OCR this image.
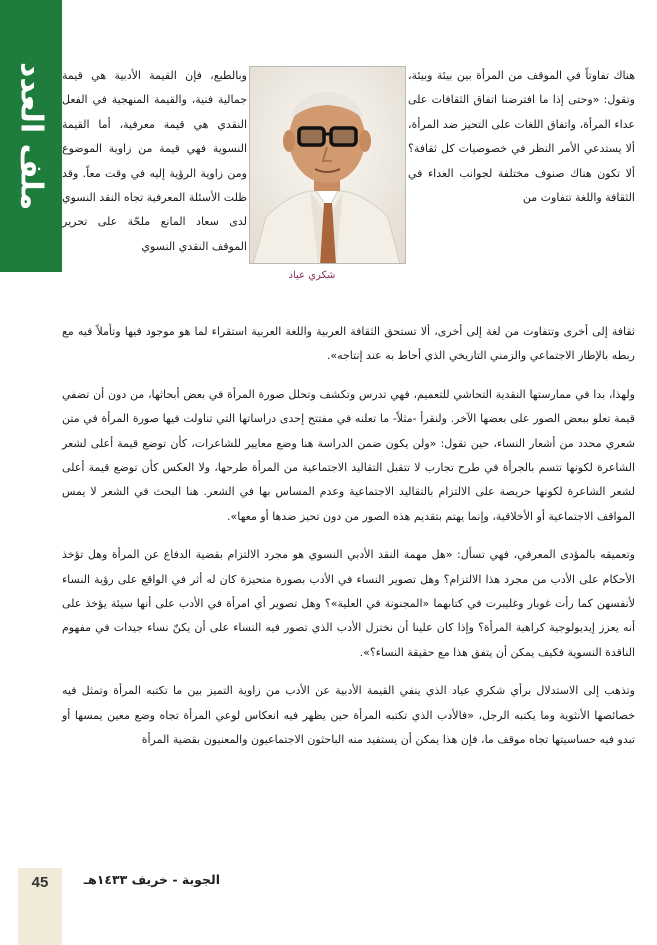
ملف العدد	هناك تفاوتاً في الموقف من المرأة بين بيئة وبيئة، وتقول: «وحتى إذا ما افترضنا اتفاق الثقافات على عداء المرأة، واتفاق اللغات على التحيز ضد المرأة، ألا يستدعي الأمر النظر في خصوصيات كل ثقافة؟ ألا تكون هناك صنوف مختلفة لجوانب العداء في الثقافة واللغة تتفاوت من

شكري عياد

وبالطبع، فإن القيمة الأدبية هي قيمة جمالية فنية، والقيمة المنهجية في الفعل النقدي هي قيمة معرفية، أما القيمة النسوية فهي قيمة من زاوية الموضوع ومن زاوية الرؤية إليه في وقت معاً. وقد ظلت الأسئلة المعرفية تجاه النقد النسوي لدى سعاد المانع ملحّة على تحرير الموقف النقدي النسوي

ثقافة إلى أخرى وتتفاوت من لغة إلى أخرى، ألا تستحق الثقافة العربية واللغة العربية استقراء لما هو موجود فيها وتأملاً فيه مع ربطه بالإطار الاجتماعي والزمني التاريخي الذي أحاط به عند إنتاجه».

ولهذا، بدا في ممارستها النقدية التحاشي للتعميم، فهي تدرس وتكشف وتحلل صورة المرأة في بعض أبحاثها، من دون أن تضفي قيمة تعلو ببعض الصور على بعضها الآخر. ولنقرأ -مثلاً- ما تعلنه في مفتتح إحدى دراساتها التي تناولت فيها صورة المرأة في متن شعري محدد من أشعار النساء، حين تقول: «ولن يكون ضمن الدراسة هنا وضع معايير للشاعرات، كأن توضع قيمة أعلى لشعر الشاعرة لكونها تتسم بالجرأة في طرح تجارب لا تتقبل التقاليد الاجتماعية من المرأة طرحها، ولا العكس كأن توضع قيمة أعلى لشعر الشاعرة لكونها حريصة على الالتزام بالتقاليد الاجتماعية وعدم المساس بها في الشعر. هنا البحث في الشعر لا يمس المواقف الاجتماعية أو الأخلاقية، وإنما يهتم بتقديم هذه الصور من دون تحيز ضدها أو معها».

وتعميقه بالمؤدى المعرفي، فهي تسأل: «هل مهمة النقد الأدبي النسوي هو مجرد الالتزام بقضية الدفاع عن المرأة وهل تؤخذ الأحكام على الأدب من مجرد هذا الالتزام؟ وهل تصوير النساء في الأدب بصورة متحيزة كان له أثر في الواقع على رؤية النساء لأنفسهن كما رأت غوبار وغليبرت في كتابهما «المجنونة في العلية»؟ وهل تصوير أي امرأة في الأدب على أنها سيئة يؤخذ على أنه يعزز إيديولوجية كراهية المرأة؟ وإذا كان علينا أن نختزل الأدب الذي تصور فيه النساء على أن يكنّ نساء جيدات في مفهوم الناقدة النسوية فكيف يمكن أن يتفق هذا مع حقيقة النساء؟».

وتذهب إلى الاستدلال برأي شكري عياد الذي ينفي القيمة الأدبية عن الأدب من زاوية التميز بين ما تكتبه المرأة وتمثل فيه خصائصها الأنثوية وما يكتبه الرجل، «فالأدب الذي تكتبه المرأة حين يظهر فيه انعكاس لوعي المرأة تجاه وضع معين يمسها أو تبدو فيه حساسيتها تجاه موقف ما، فإن هذا يمكن أن يستفيد منه الباحثون الاجتماعيون والمعنيون بقضية المرأة

45	الجوبة - خريف ١٤٣٣هـ
